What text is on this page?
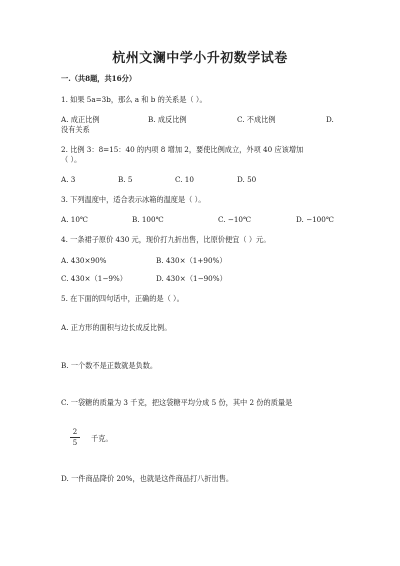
杭州文澜中学小升初数学试卷
一.（共8题，共16分）
1. 如果 5a=3b，那么 a 和 b 的关系是（ ）。
A. 成正比例	B. 成反比例	C. 不成比例	D.
没有关系
2. 比例 3：8=15：40 的内项 8 增加 2，要使比例成立，外项 40 应该增加
（ ）。
A. 3	B. 5	C. 10	D. 50
3. 下列温度中，适合表示冰箱的温度是（ ）。
A. 10℃	B. 100℃	C. −10℃	D. −100℃
4. 一条裙子原价 430 元，现价打九折出售，比原价便宜（ ）元。
A. 430×90%	B. 430×（1+90%）
C. 430×（1−9%）	D. 430×（1−90%）
5. 在下面的四句话中，正确的是（ ）。
A. 正方形的面积与边长成反比例。
B. 一个数不是正数就是负数。
C. 一袋糖的质量为 3 千克，把这袋糖平均分成 5 份，其中 2 份的质量是
2
5	千克。
D. 一件商品降价 20%，也就是这件商品打八折出售。
